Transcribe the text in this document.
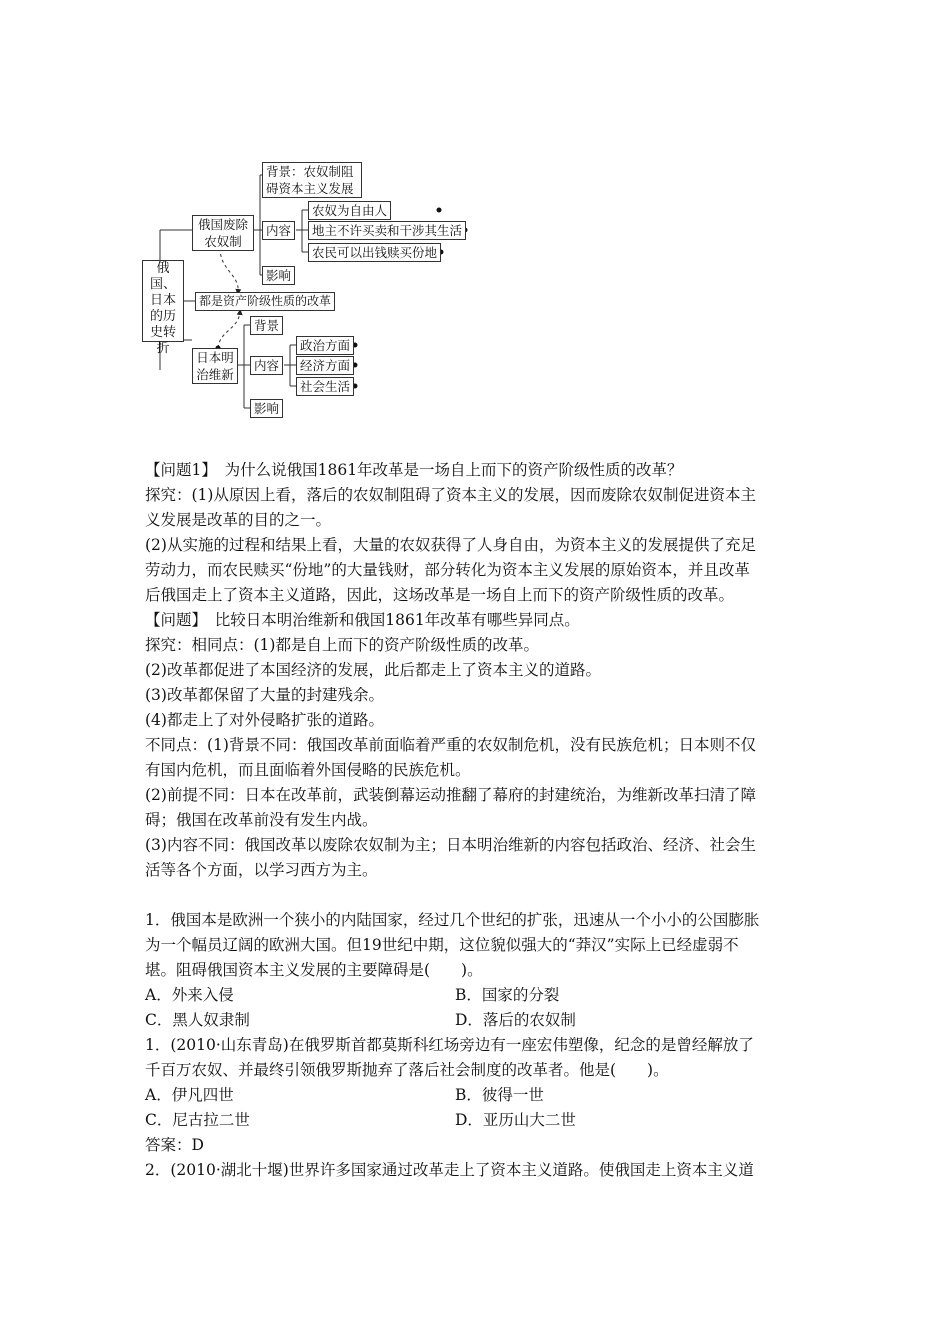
俄国、日本的历史转折
俄国废除农奴制
背景：农奴制阻碍资本主义发展
内容
农奴为自由人
地主不许买卖和干涉其生活
农民可以出钱赎买份地
影响
都是资产阶级性质的改革
日本明治维新
背景
内容
政治方面
经济方面
社会生活
影响

【问题1】　为什么说俄国1861年改革是一场自上而下的资产阶级性质的改革？

探究：(1)从原因上看，落后的农奴制阻碍了资本主义的发展，因而废除农奴制促进资本主

义发展是改革的目的之一。

(2)从实施的过程和结果上看，大量的农奴获得了人身自由，为资本主义的发展提供了充足

劳动力，而农民赎买“份地”的大量钱财，部分转化为资本主义发展的原始资本，并且改革

后俄国走上了资本主义道路，因此，这场改革是一场自上而下的资产阶级性质的改革。

【问题】　比较日本明治维新和俄国1861年改革有哪些异同点。

探究：相同点：(1)都是自上而下的资产阶级性质的改革。

(2)改革都促进了本国经济的发展，此后都走上了资本主义的道路。

(3)改革都保留了大量的封建残余。

(4)都走上了对外侵略扩张的道路。

不同点：(1)背景不同：俄国改革前面临着严重的农奴制危机，没有民族危机；日本则不仅

有国内危机，而且面临着外国侵略的民族危机。

(2)前提不同：日本在改革前，武装倒幕运动推翻了幕府的封建统治，为维新改革扫清了障

碍；俄国在改革前没有发生内战。

(3)内容不同：俄国改革以废除农奴制为主；日本明治维新的内容包括政治、经济、社会生

活等各个方面，以学习西方为主。

1．俄国本是欧洲一个狭小的内陆国家，经过几个世纪的扩张，迅速从一个小小的公国膨胀

为一个幅员辽阔的欧洲大国。但19世纪中期，这位貌似强大的“莽汉”实际上已经虚弱不

堪。阻碍俄国资本主义发展的主要障碍是(　　)。

A．外来入侵	B．国家的分裂

C．黑人奴隶制	D．落后的农奴制

1．(2010·山东青岛)在俄罗斯首都莫斯科红场旁边有一座宏伟塑像，纪念的是曾经解放了

千百万农奴、并最终引领俄罗斯抛弃了落后社会制度的改革者。他是(　　)。

A．伊凡四世	B．彼得一世

C．尼古拉二世	D．亚历山大二世

答案：D

2．(2010·湖北十堰)世界许多国家通过改革走上了资本主义道路。使俄国走上资本主义道
